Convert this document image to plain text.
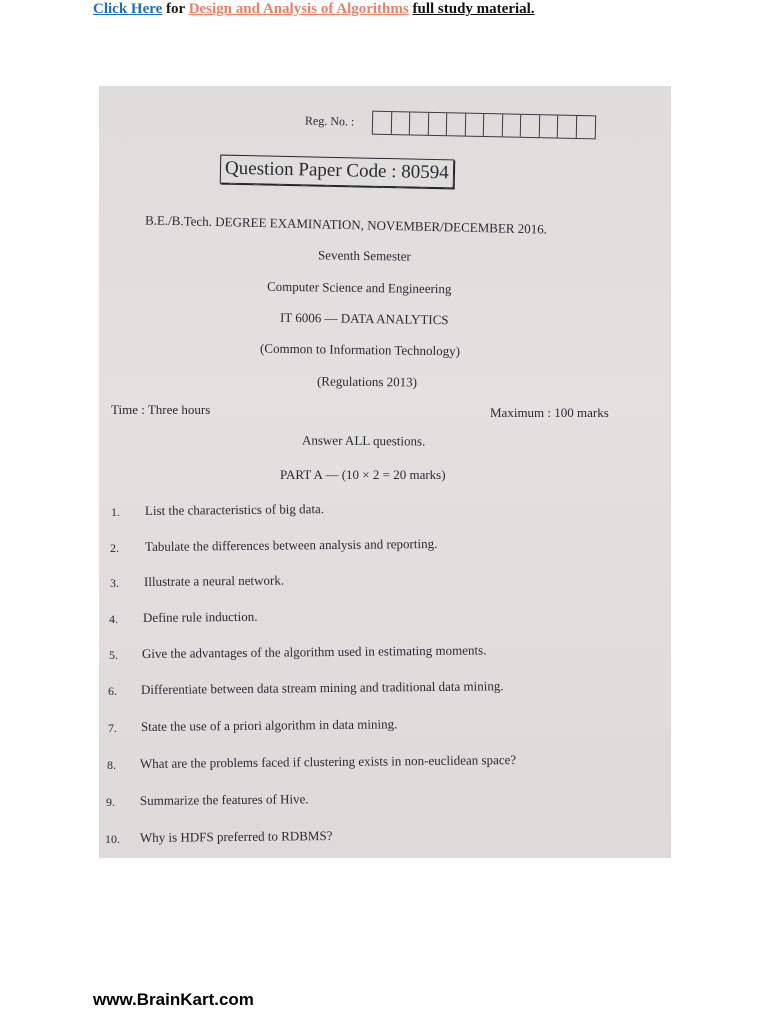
Click Here for Design and Analysis of Algorithms full study material.
Reg. No. :
Question Paper Code : 80594
B.E./B.Tech. DEGREE EXAMINATION, NOVEMBER/DECEMBER 2016.
Seventh Semester
Computer Science and Engineering
IT 6006 — DATA ANALYTICS
(Common to Information Technology)
(Regulations 2013)
Time : Three hours	Maximum : 100 marks
Answer ALL questions.
PART A — (10 × 2 = 20 marks)
1. List the characteristics of big data.
2. Tabulate the differences between analysis and reporting.
3. Illustrate a neural network.
4. Define rule induction.
5. Give the advantages of the algorithm used in estimating moments.
6. Differentiate between data stream mining and traditional data mining.
7. State the use of a priori algorithm in data mining.
8. What are the problems faced if clustering exists in non-euclidean space?
9. Summarize the features of Hive.
10. Why is HDFS preferred to RDBMS?
www.BrainKart.com
